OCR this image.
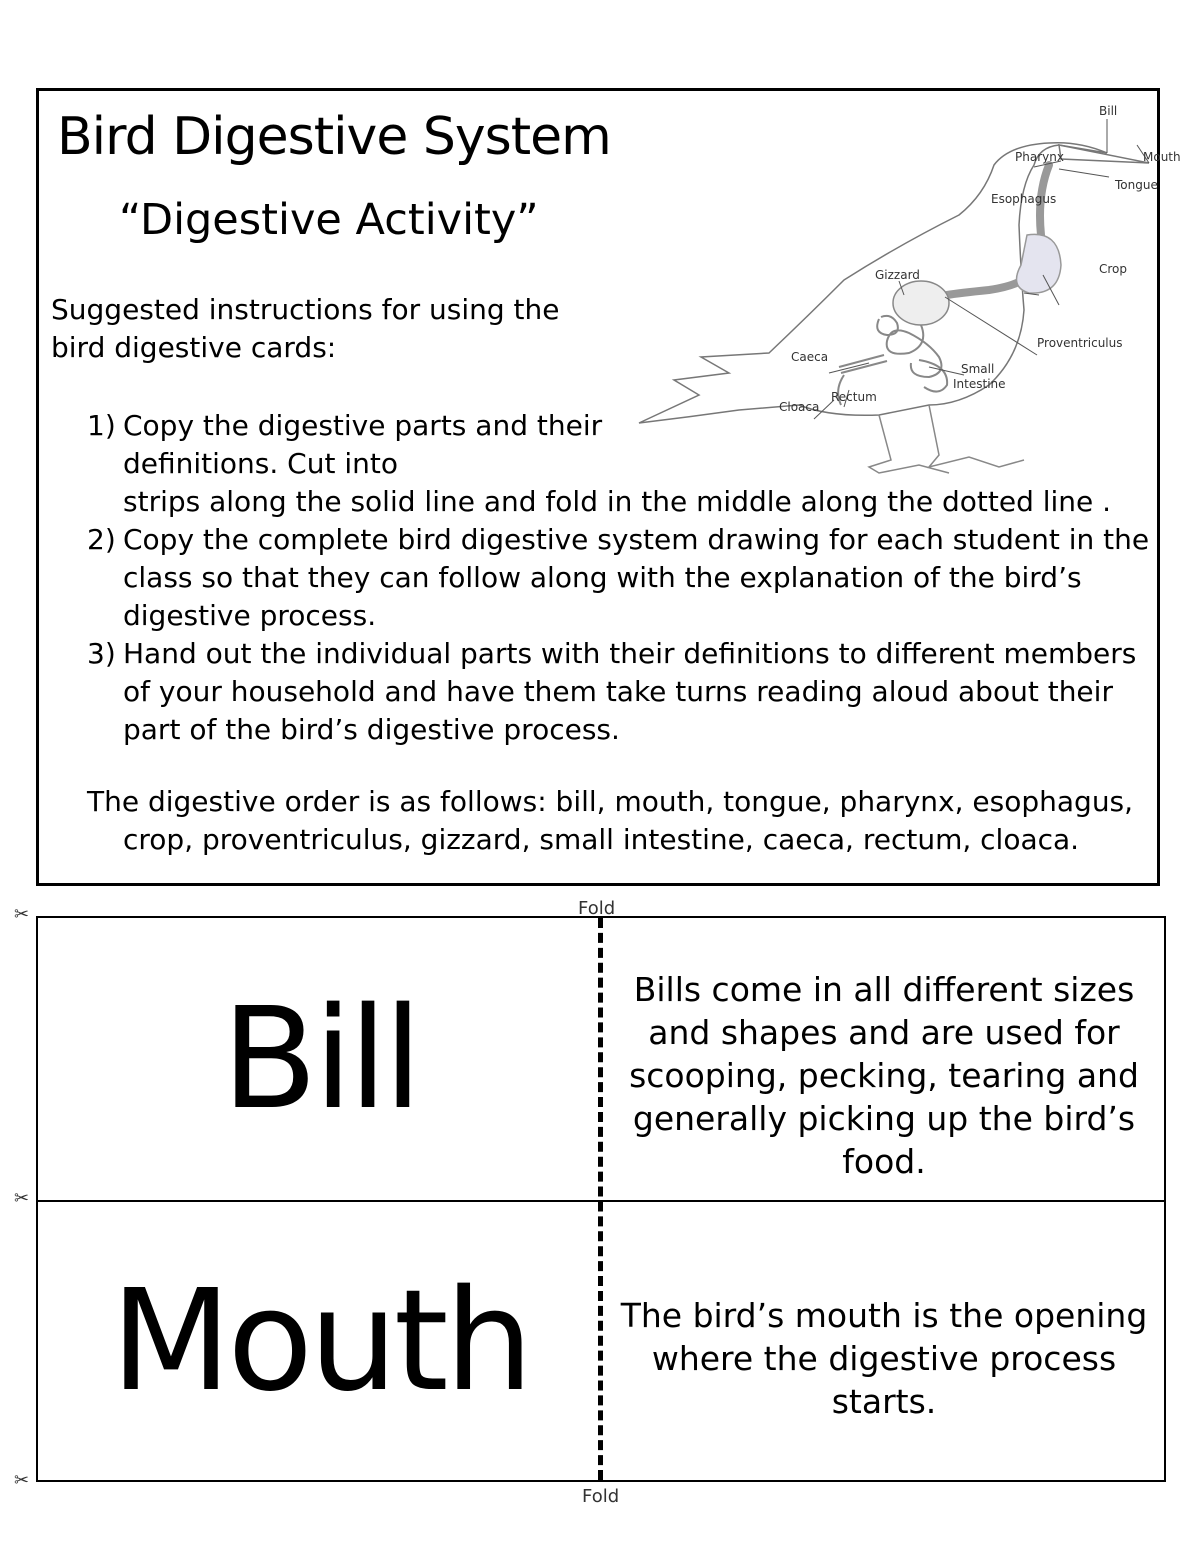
Bird Digestive System
“Digestive Activity”

Suggested instructions for using the bird digestive cards:

1) Copy the digestive parts and their definitions. Cut into
strips along the solid line and fold in the middle along the dotted line .
2) Copy the complete bird digestive system drawing for each student in the class so that they can follow along with the explanation of the bird’s digestive process.
3) Hand out the individual parts with their definitions to different members of your household and have them take turns reading aloud about their part of the bird’s digestive process.

The digestive order is as follows: bill, mouth, tongue, pharynx, esophagus, crop, proventriculus, gizzard, small intestine, caeca, rectum, cloaca.

Bill
Mouth
Pharynx
Tongue
Esophagus
Gizzard	Crop
Proventriculus
Caeca
Small
Intestine
Rectum
Cloaca
Fold
✂
✂
✂
Bill	Bills come in all different sizes and shapes and are used for scooping, pecking, tearing and generally picking up the bird’s food.
Mouth	The bird’s mouth is the opening where the digestive process starts.
Fold
